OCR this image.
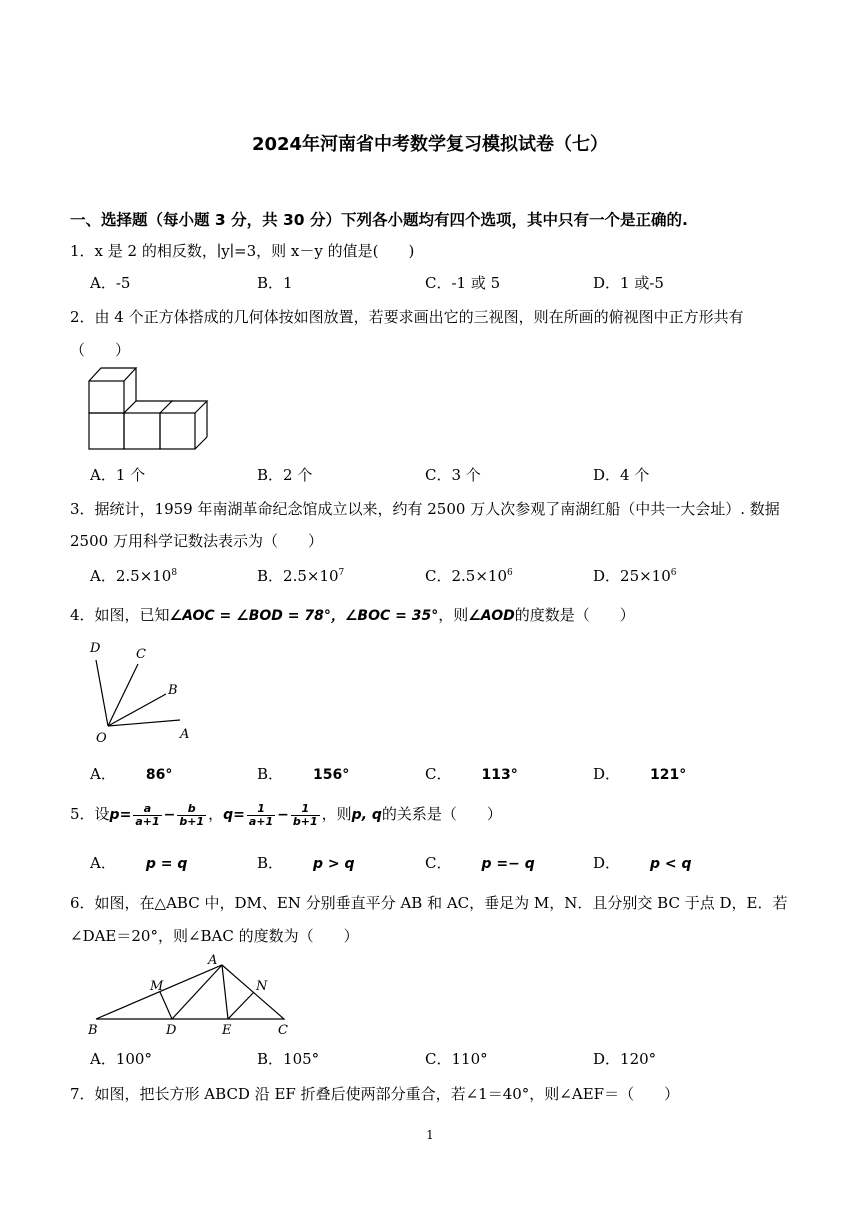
2024年河南省中考数学复习模拟试卷（七）
一、选择题（每小题 3 分，共 30 分）下列各小题均有四个选项，其中只有一个是正确的.
1．x 是 2 的相反数，∣y∣=3，则 x－y 的值是(　　)
A．-5	B．1	C．-1 或 5	D．1 或-5
2．由 4 个正方体搭成的几何体按如图放置，若要求画出它的三视图，则在所画的俯视图中正方形共有
（　　）
A．1 个	B．2 个	C．3 个	D．4 个
3．据统计，1959 年南湖革命纪念馆成立以来，约有 2500 万人次参观了南湖红船（中共一大会址）. 数据
2500 万用科学记数法表示为（　　）
A．$2.5\times 10^8$	B．$2.5\times 10^7$	C．$2.5\times 10^6$	D．$25\times 10^6$
4．如图，已知∠AOC = ∠BOD = 78°，∠BOC = 35°，则∠AOD的度数是（　　）
D	C
B
O	A
A． 86°	B． 156°	C． 113°	D． 121°
5．设$p= \frac{a}{a+1} - \frac{b}{b+1}$ ，$q= \frac{1}{a+1} - \frac{1}{b+1}$ ，则p, q的关系是（　　）
A． p = q	B． p > q	C． p =− q	D． p < q
6．如图，在△ABC 中，DM、EN 分别垂直平分 AB 和 AC，垂足为 M，N．且分别交 BC 于点 D，E．若
∠DAE＝20°，则∠BAC 的度数为（　　）
A
M	N
B	D	E	C
A．100°	B．105°	C．110°	D．120°
7．如图，把长方形 ABCD 沿 EF 折叠后使两部分重合，若∠1＝40°，则∠AEF＝（　　）
1
